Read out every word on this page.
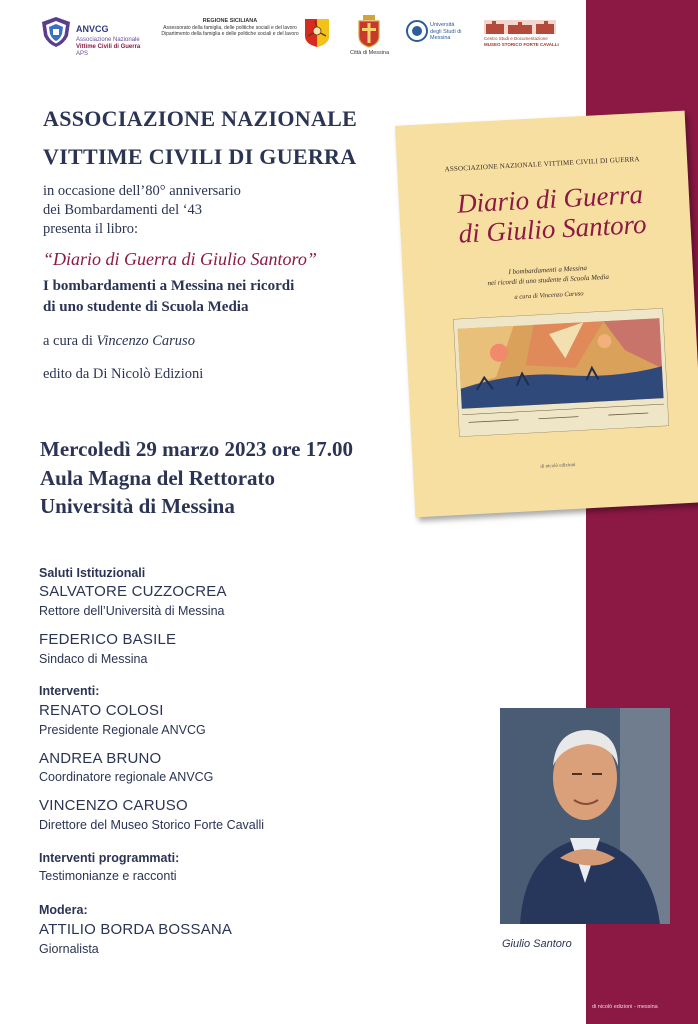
ANVCG
Associazione Nazionale
Vittime Civili di Guerra
APS
REGIONE SICILIANA
Assessorato della famiglia, delle politiche sociali e del lavoro
Dipartimento della famiglia e delle politiche sociali e del lavoro
Città di Messina
Università
degli Studi di
Messina	Centro Studi e Documentazione
MUSEO STORICO FORTE CAVALLI
ASSOCIAZIONE NAZIONALE
VITTIME CIVILI DI GUERRA
in occasione dell’80° anniversario
dei Bombardamenti del ‘43
presenta il libro:
“Diario di Guerra di Giulio Santoro”
I bombardamenti a Messina nei ricordi
di uno studente di Scuola Media
a cura di Vincenzo Caruso
edito da Di Nicolò Edizioni
Mercoledì 29 marzo 2023 ore 17.00
Aula Magna del Rettorato
Università di Messina
Saluti Istituzionali
SALVATORE CUZZOCREA
Rettore dell’Università di Messina
FEDERICO BASILE
Sindaco di Messina
Interventi:
RENATO COLOSI
Presidente Regionale ANVCG
ANDREA BRUNO
Coordinatore regionale ANVCG
VINCENZO CARUSO
Direttore del Museo Storico Forte Cavalli
Interventi programmati:
Testimonianze e racconti
Modera:
ATTILIO BORDA BOSSANA
Giornalista
ASSOCIAZIONE NAZIONALE VITTIME CIVILI DI GUERRA
Diario di Guerra
di Giulio Santoro
I bombardamenti a Messina
nei ricordi di uno studente di Scuola Media
a cura di Vincenzo Caruso
di nicolò edizioni
Giulio Santoro
di nicolò edizioni - messina
